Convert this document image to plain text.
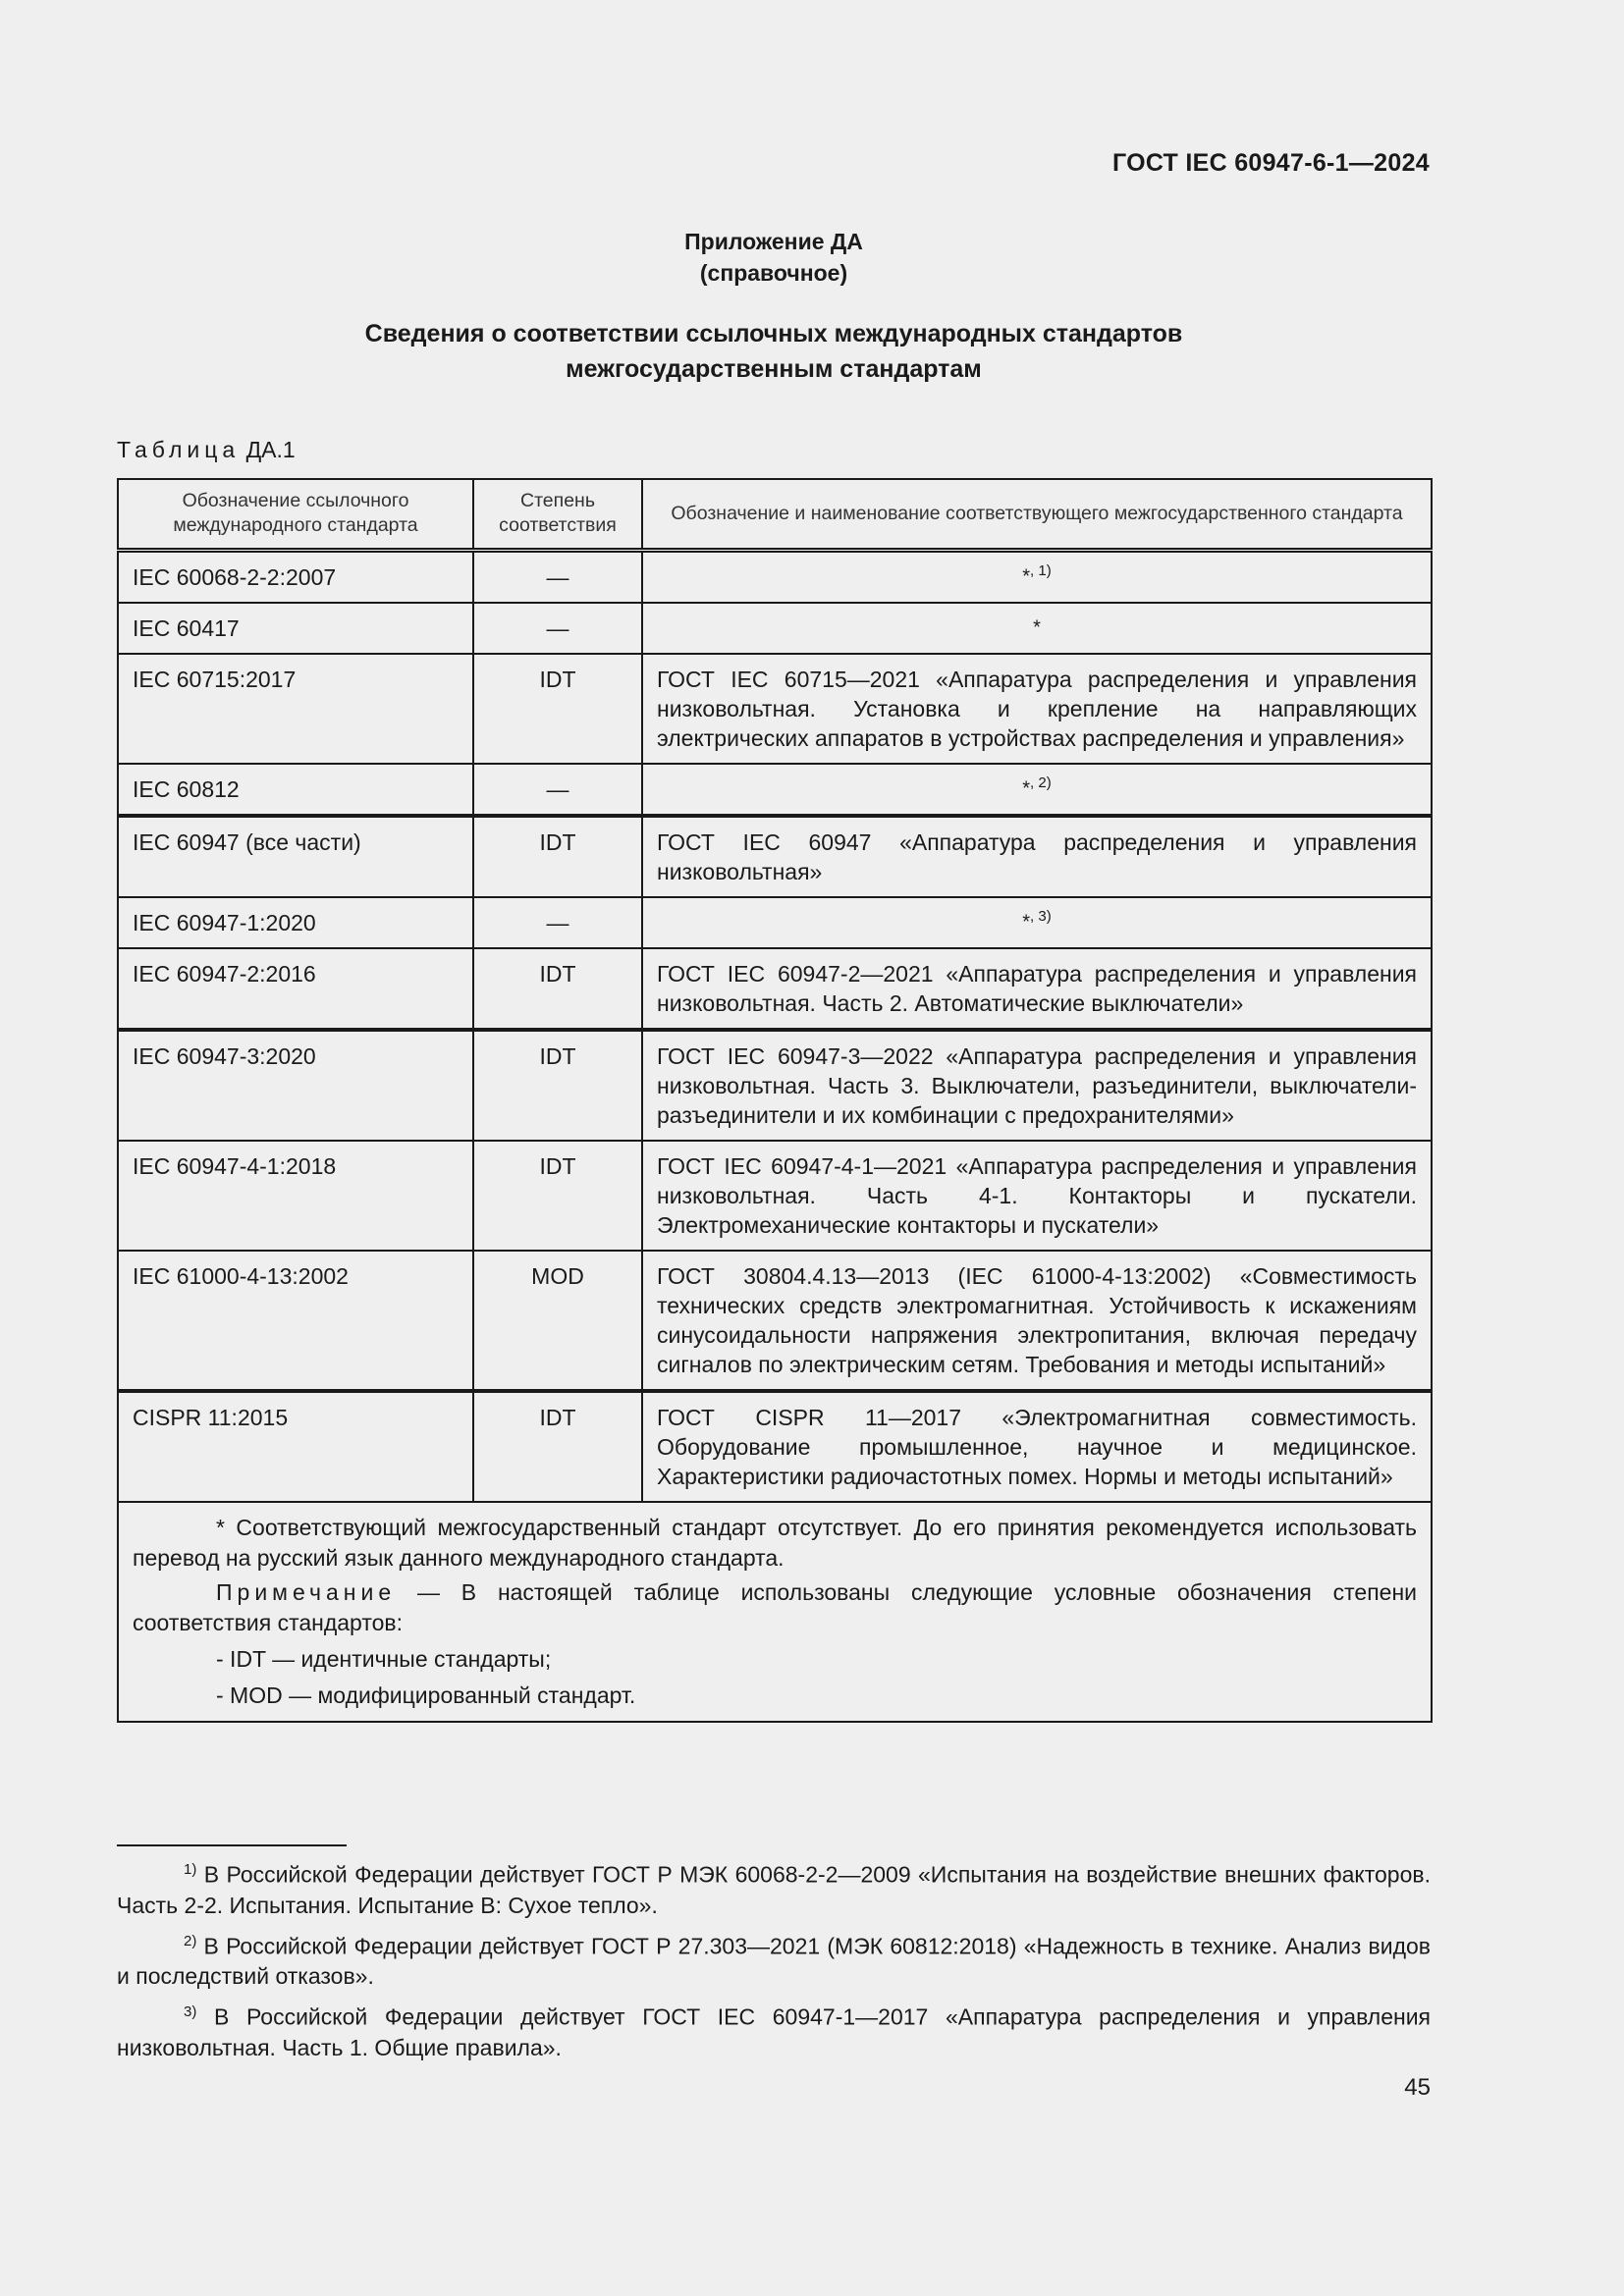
ГОСТ IEC 60947-6-1—2024
Приложение ДА
(справочное)
Сведения о соответствии ссылочных международных стандартов
межгосударственным стандартам
Таблица ДА.1
Обозначение ссылочного международного стандарта	Степень соответствия	Обозначение и наименование соответствующего межгосударственного стандарта
IEC 60068-2-2:2007	—	*$^{, 1)}$
IEC 60417	—	*
IEC 60715:2017	IDT	ГОСТ IEC 60715—2021 «Аппаратура распределения и управления низковольтная. Установка и крепление на направляющих электрических аппаратов в устройствах распределения и управления»
IEC 60812	—	*$^{, 2)}$
IEC 60947 (все части)	IDT	ГОСТ IEC 60947 «Аппаратура распределения и управления низковольтная»
IEC 60947-1:2020	—	*$^{, 3)}$
IEC 60947-2:2016	IDT	ГОСТ IEC 60947-2—2021 «Аппаратура распределения и управления низковольтная. Часть 2. Автоматические выключатели»
IEC 60947-3:2020	IDT	ГОСТ IEC 60947-3—2022 «Аппаратура распределения и управления низковольтная. Часть 3. Выключатели, разъединители, выключатели-разъединители и их комбинации с предохранителями»
IEC 60947-4-1:2018	IDT	ГОСТ IEC 60947-4-1—2021 «Аппаратура распределения и управления низковольтная. Часть 4-1. Контакторы и пускатели. Электромеханические контакторы и пускатели»
IEC 61000-4-13:2002	MOD	ГОСТ 30804.4.13—2013 (IEC 61000-4-13:2002) «Совместимость технических средств электромагнитная. Устойчивость к искажениям синусоидальности напряжения электропитания, включая передачу сигналов по электрическим сетям. Требования и методы испытаний»
CISPR 11:2015	IDT	ГОСТ CISPR 11—2017 «Электромагнитная совместимость. Оборудование промышленное, научное и медицинское. Характеристики радиочастотных помех. Нормы и методы испытаний»

* Соответствующий межгосударственный стандарт отсутствует. До его принятия рекомендуется использовать перевод на русский язык данного международного стандарта.

Примечание — В настоящей таблице использованы следующие условные обозначения степени соответствия стандартов:

- IDT — идентичные стандарты;

- MOD — модифицированный стандарт.		

$^{1)}$ В Российской Федерации действует ГОСТ Р МЭК 60068-2-2—2009 «Испытания на воздействие внешних факторов. Часть 2-2. Испытания. Испытание В: Сухое тепло».

$^{2)}$ В Российской Федерации действует ГОСТ Р 27.303—2021 (МЭК 60812:2018) «Надежность в технике. Анализ видов и последствий отказов».

$^{3)}$ В Российской Федерации действует ГОСТ IEC 60947-1—2017 «Аппаратура распределения и управления низковольтная. Часть 1. Общие правила».

45
